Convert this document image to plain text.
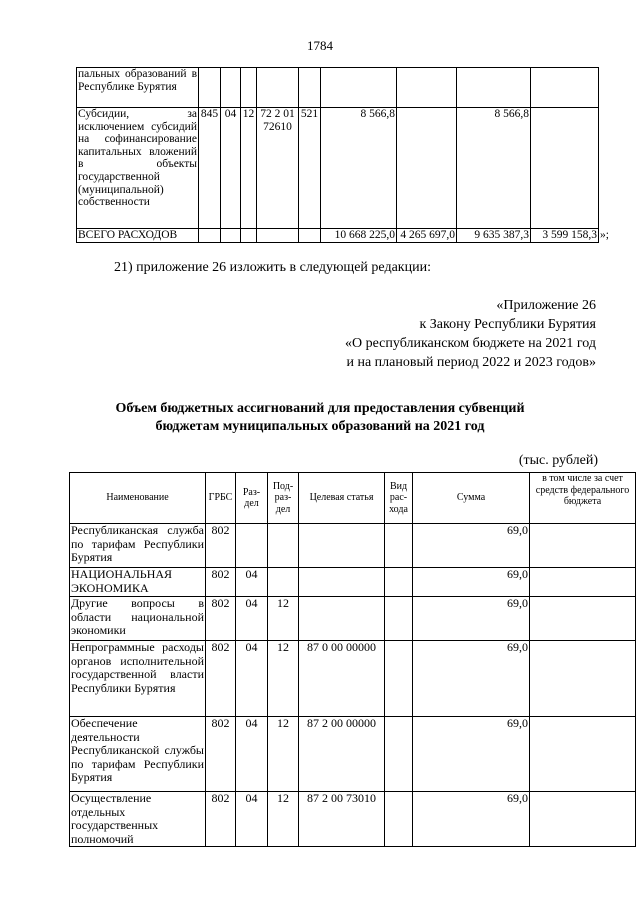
1784
пальных образований в Республике Бурятия										
Субсидии, за исключением субсидий на софинансирование капитальных вложений в объекты государственной (муниципальной) собственности	845	04	12	72 2 01 72610	521	8 566,8		8 566,8		
ВСЕГО РАСХОДОВ						10 668 225,0	4 265 697,0	9 635 387,3	3 599 158,3	»;
21) приложение 26 изложить в следующей редакции:
«Приложение 26
к Закону Республики Бурятия
«О республиканском бюджете на 2021 год
и на плановый период 2022 и 2023 годов»
Объем бюджетных ассигнований для предоставления субвенций
бюджетам муниципальных образований на 2021 год
(тыс. рублей)
Наименование	ГРБС	Раз-дел	Под-раз-дел	Целевая статья	Вид рас-хода	Сумма	в том числе за счет средств федерального бюджета
Республиканская служба по тарифам Республики Бурятия	802					69,0	
НАЦИОНАЛЬНАЯ ЭКОНОМИКА	802	04				69,0	
Другие вопросы в области национальной экономики	802	04	12			69,0	
Непрограммные расходы органов исполнительной государственной власти Республики Бурятия	802	04	12	87 0 00 00000		69,0	
Обеспечение деятельности Республиканской службы по тарифам Республики Бурятия	802	04	12	87 2 00 00000		69,0	
Осуществление отдельных государственных полномочий	802	04	12	87 2 00 73010		69,0	
